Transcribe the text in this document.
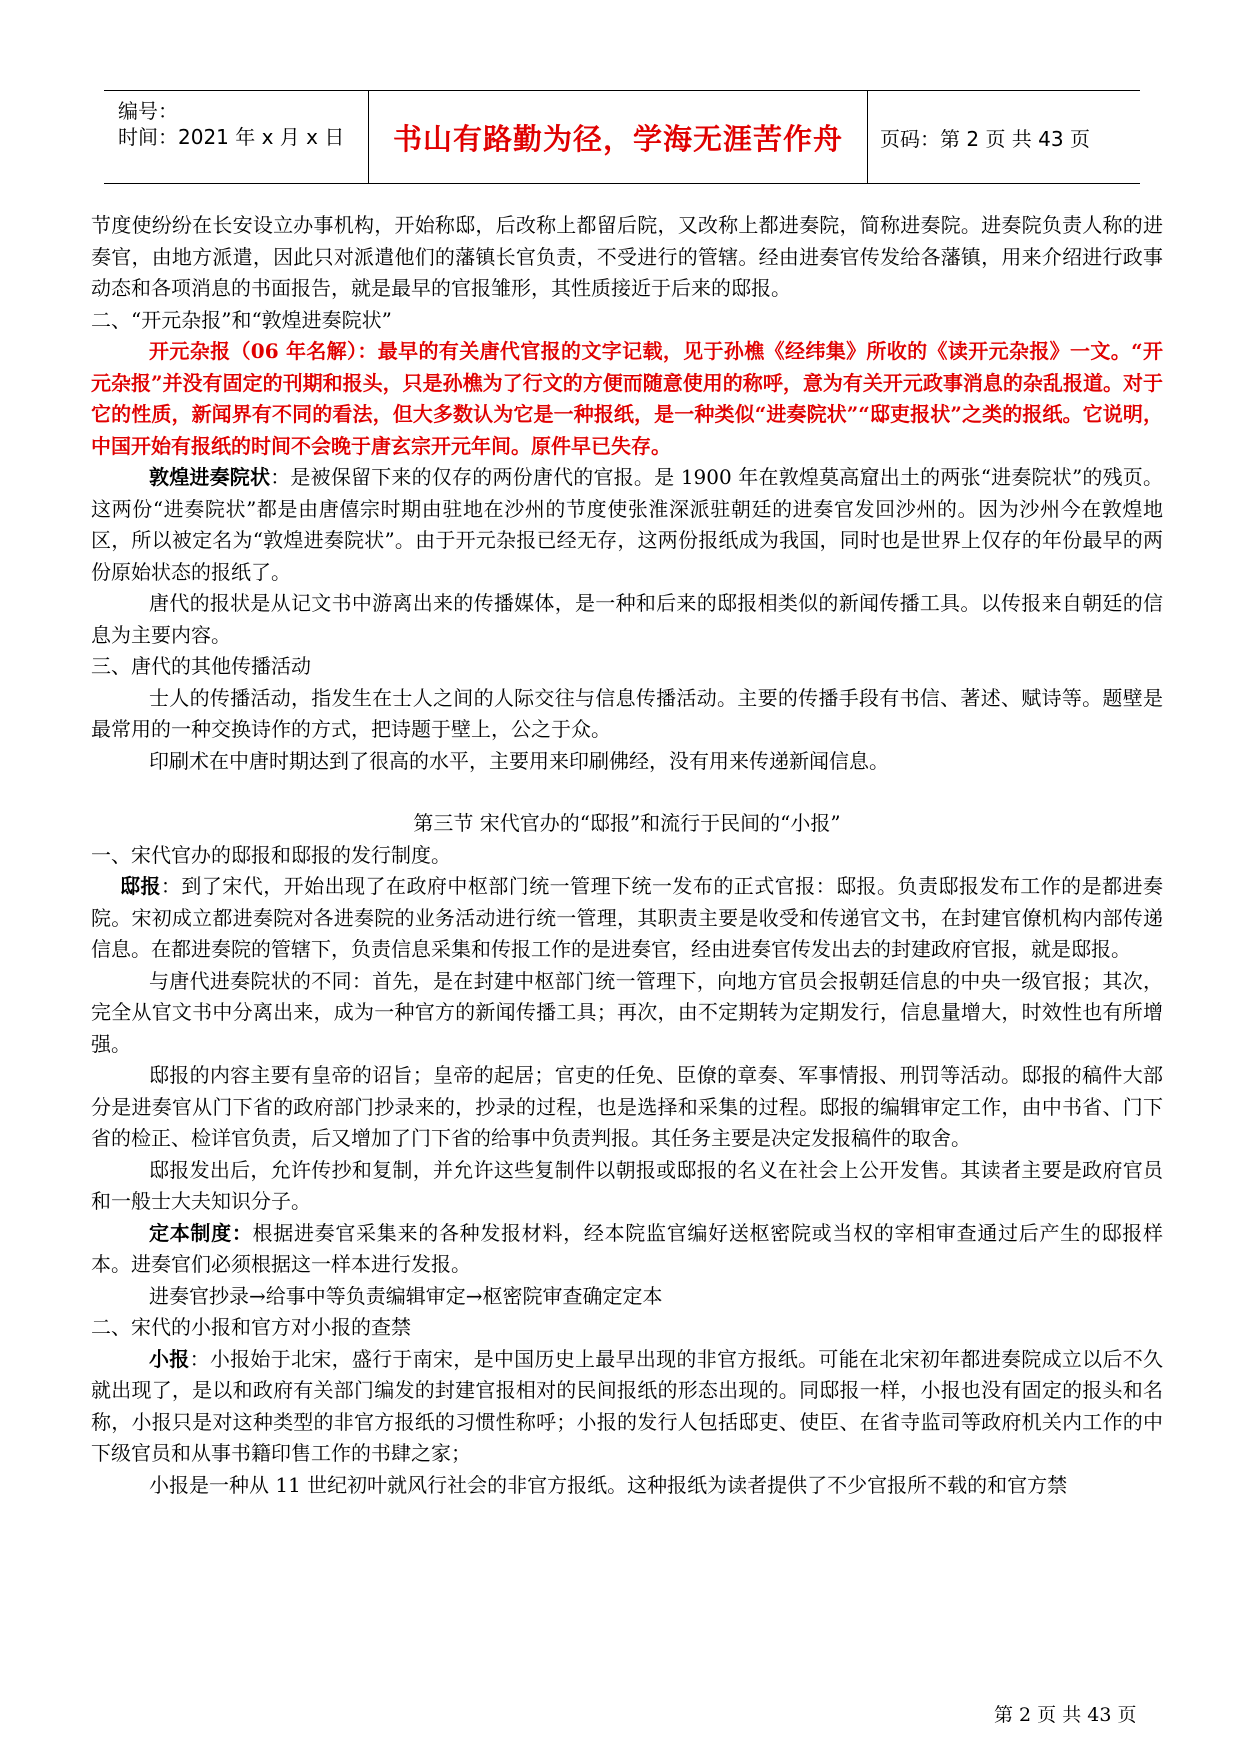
编号：
时间：2021 年 x 月 x 日 书山有路勤为径，学海无涯苦作舟 页码：第 2 页 共 43 页

节度使纷纷在长安设立办事机构，开始称邸，后改称上都留后院，又改称上都进奏院，简称进奏院。进奏院负责人称的进奏官，由地方派遣，因此只对派遣他们的藩镇长官负责，不受进行的管辖。经由进奏官传发给各藩镇，用来介绍进行政事动态和各项消息的书面报告，就是最早的官报雏形，其性质接近于后来的邸报。

二、“开元杂报”和“敦煌进奏院状”

开元杂报（06 年名解）：最早的有关唐代官报的文字记载，见于孙樵《经纬集》所收的《读开元杂报》一文。“开元杂报”并没有固定的刊期和报头，只是孙樵为了行文的方便而随意使用的称呼，意为有关开元政事消息的杂乱报道。对于它的性质，新闻界有不同的看法，但大多数认为它是一种报纸，是一种类似“进奏院状”“邸吏报状”之类的报纸。它说明，中国开始有报纸的时间不会晚于唐玄宗开元年间。原件早已失存。

敦煌进奏院状：是被保留下来的仅存的两份唐代的官报。是 1900 年在敦煌莫高窟出土的两张“进奏院状”的残页。这两份“进奏院状”都是由唐僖宗时期由驻地在沙州的节度使张淮深派驻朝廷的进奏官发回沙州的。因为沙州今在敦煌地区，所以被定名为“敦煌进奏院状”。由于开元杂报已经无存，这两份报纸成为我国，同时也是世界上仅存的年份最早的两份原始状态的报纸了。

唐代的报状是从记文书中游离出来的传播媒体，是一种和后来的邸报相类似的新闻传播工具。以传报来自朝廷的信息为主要内容。

三、唐代的其他传播活动

士人的传播活动，指发生在士人之间的人际交往与信息传播活动。主要的传播手段有书信、著述、赋诗等。题壁是最常用的一种交换诗作的方式，把诗题于壁上，公之于众。

印刷术在中唐时期达到了很高的水平，主要用来印刷佛经，没有用来传递新闻信息。

第三节 宋代官办的“邸报”和流行于民间的“小报”

一、宋代官办的邸报和邸报的发行制度。

邸报：到了宋代，开始出现了在政府中枢部门统一管理下统一发布的正式官报：邸报。负责邸报发布工作的是都进奏院。宋初成立都进奏院对各进奏院的业务活动进行统一管理，其职责主要是收受和传递官文书，在封建官僚机构内部传递信息。在都进奏院的管辖下，负责信息采集和传报工作的是进奏官，经由进奏官传发出去的封建政府官报，就是邸报。

与唐代进奏院状的不同：首先，是在封建中枢部门统一管理下，向地方官员会报朝廷信息的中央一级官报；其次，完全从官文书中分离出来，成为一种官方的新闻传播工具；再次，由不定期转为定期发行，信息量增大，时效性也有所增强。

邸报的内容主要有皇帝的诏旨；皇帝的起居；官吏的任免、臣僚的章奏、军事情报、刑罚等活动。邸报的稿件大部分是进奏官从门下省的政府部门抄录来的，抄录的过程，也是选择和采集的过程。邸报的编辑审定工作，由中书省、门下省的检正、检详官负责，后又增加了门下省的给事中负责判报。其任务主要是决定发报稿件的取舍。

邸报发出后，允许传抄和复制，并允许这些复制件以朝报或邸报的名义在社会上公开发售。其读者主要是政府官员和一般士大夫知识分子。

定本制度：根据进奏官采集来的各种发报材料，经本院监官编好送枢密院或当权的宰相审查通过后产生的邸报样本。进奏官们必须根据这一样本进行发报。

进奏官抄录→给事中等负责编辑审定→枢密院审查确定定本

二、宋代的小报和官方对小报的查禁

小报：小报始于北宋，盛行于南宋，是中国历史上最早出现的非官方报纸。可能在北宋初年都进奏院成立以后不久就出现了，是以和政府有关部门编发的封建官报相对的民间报纸的形态出现的。同邸报一样，小报也没有固定的报头和名称，小报只是对这种类型的非官方报纸的习惯性称呼；小报的发行人包括邸吏、使臣、在省寺监司等政府机关内工作的中下级官员和从事书籍印售工作的书肆之家；

小报是一种从 11 世纪初叶就风行社会的非官方报纸。这种报纸为读者提供了不少官报所不载的和官方禁

第 2 页 共 43 页
